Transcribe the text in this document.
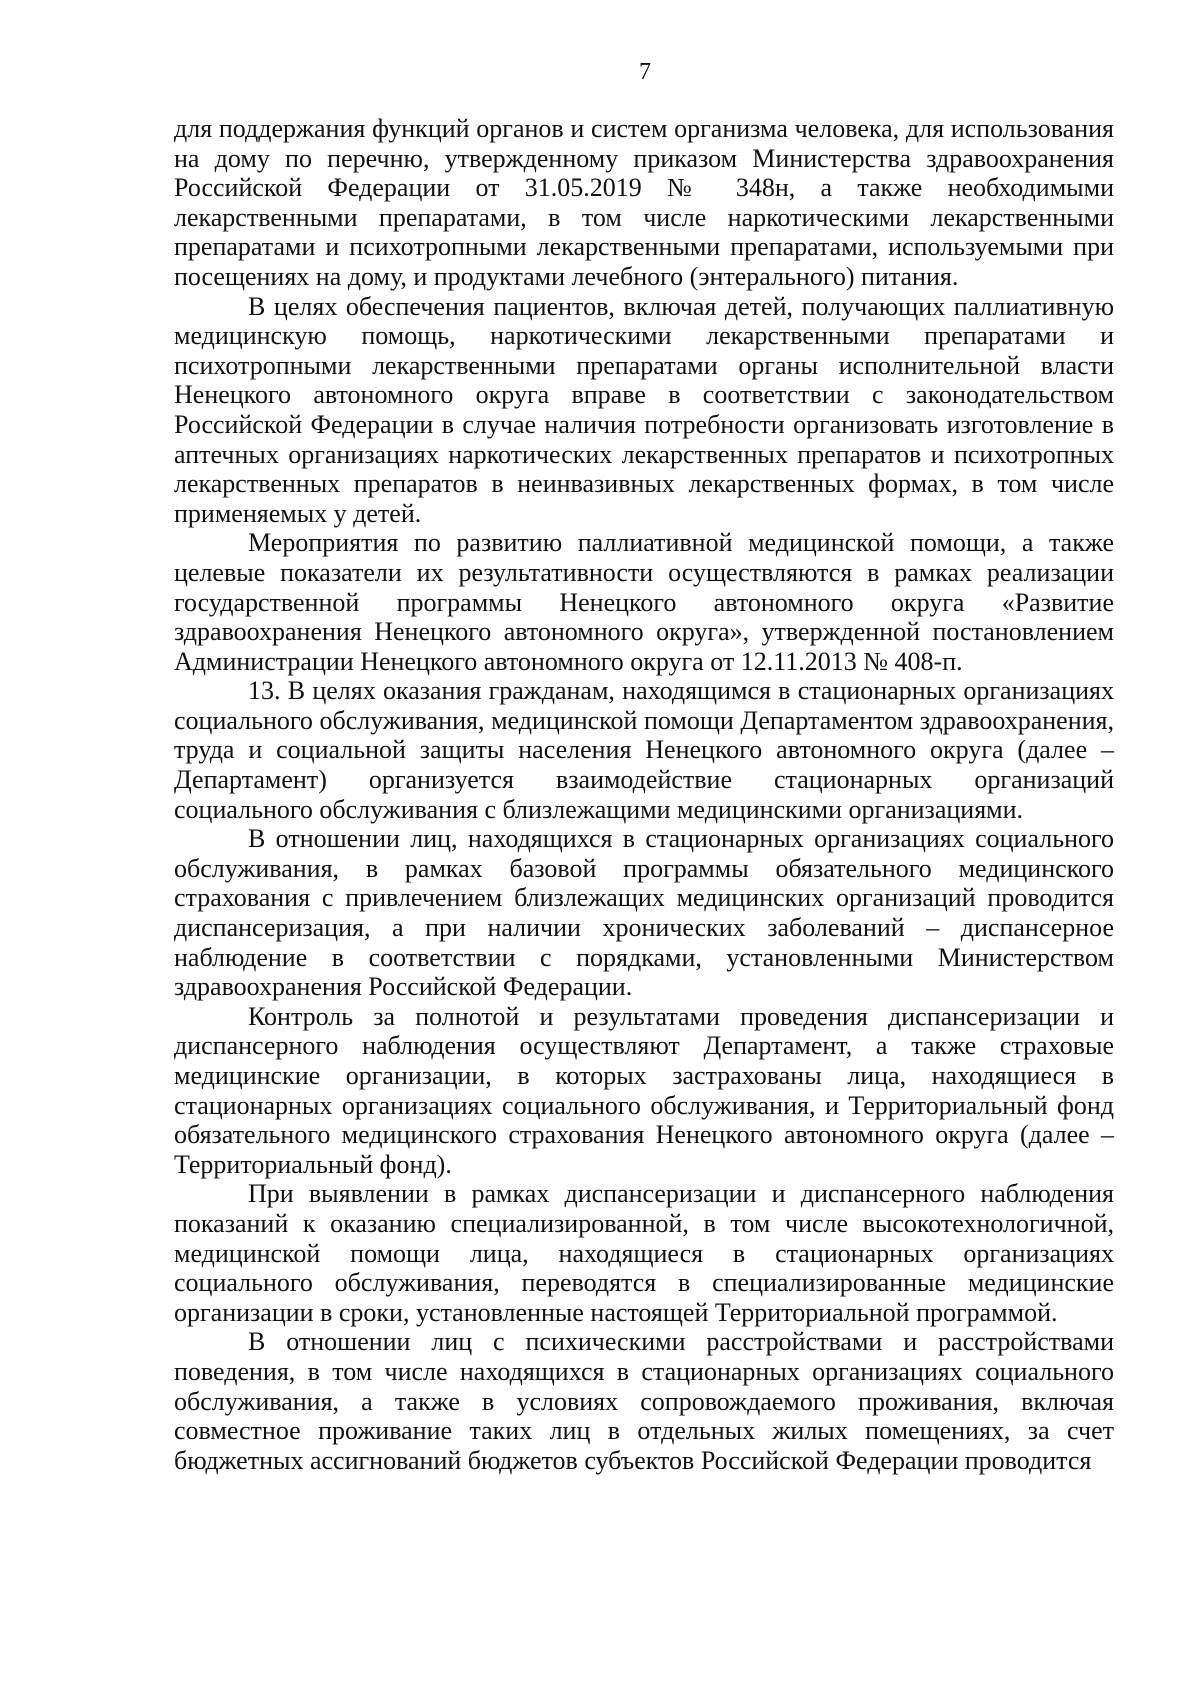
7

для поддержания функций органов и систем организма человека, для использования на дому по перечню, утвержденному приказом Министерства здравоохранения Российской Федерации от 31.05.2019 № 348н, а также необходимыми лекарственными препаратами, в том числе наркотическими лекарственными препаратами и психотропными лекарственными препаратами, используемыми при посещениях на дому, и продуктами лечебного (энтерального) питания.

В целях обеспечения пациентов, включая детей, получающих паллиативную медицинскую помощь, наркотическими лекарственными препаратами и психотропными лекарственными препаратами органы исполнительной власти Ненецкого автономного округа вправе в соответствии с законодательством Российской Федерации в случае наличия потребности организовать изготовление в аптечных организациях наркотических лекарственных препаратов и психотропных лекарственных препаратов в неинвазивных лекарственных формах, в том числе применяемых у детей.

Мероприятия по развитию паллиативной медицинской помощи, а также целевые показатели их результативности осуществляются в рамках реализации государственной программы Ненецкого автономного округа «Развитие здравоохранения Ненецкого автономного округа», утвержденной постановлением Администрации Ненецкого автономного округа от 12.11.2013 № 408-п.

13. В целях оказания гражданам, находящимся в стационарных организациях социального обслуживания, медицинской помощи Департаментом здравоохранения, труда и социальной защиты населения Ненецкого автономного округа (далее – Департамент) организуется взаимодействие стационарных организаций социального обслуживания с близлежащими медицинскими организациями.

В отношении лиц, находящихся в стационарных организациях социального обслуживания, в рамках базовой программы обязательного медицинского страхования с привлечением близлежащих медицинских организаций проводится диспансеризация, а при наличии хронических заболеваний – диспансерное наблюдение в соответствии с порядками, установленными Министерством здравоохранения Российской Федерации.

Контроль за полнотой и результатами проведения диспансеризации и диспансерного наблюдения осуществляют Департамент, а также страховые медицинские организации, в которых застрахованы лица, находящиеся в стационарных организациях социального обслуживания, и Территориальный фонд обязательного медицинского страхования Ненецкого автономного округа (далее – Территориальный фонд).

При выявлении в рамках диспансеризации и диспансерного наблюдения показаний к оказанию специализированной, в том числе высокотехнологичной, медицинской помощи лица, находящиеся в стационарных организациях социального обслуживания, переводятся в специализированные медицинские организации в сроки, установленные настоящей Территориальной программой.

В отношении лиц с психическими расстройствами и расстройствами поведения, в том числе находящихся в стационарных организациях социального обслуживания, а также в условиях сопровождаемого проживания, включая совместное проживание таких лиц в отдельных жилых помещениях, за счет бюджетных ассигнований бюджетов субъектов Российской Федерации проводится
